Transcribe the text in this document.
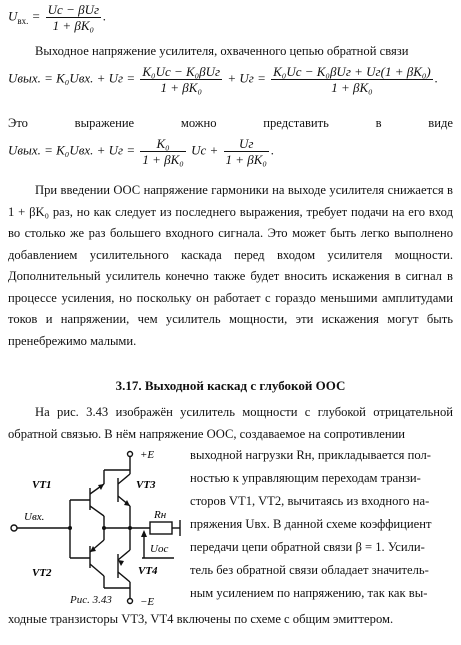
$U_{вх.} = \frac{\text{Uс − βUг}}{\text{1 + βK₀}}$ .
Выходное напряжение усилителя, охваченного цепью обратной связи
Uвых. = K₀Uвх. + Uг = $\frac{\text{K₀Uс − K₀βUг}}{\text{1 + βK₀}}$ + Uг = $\frac{\text{K₀Uс − K₀βUг + Uг(1 + βK₀)}}{\text{1 + βK₀}}$ .
Это	выражение	можно	представить	в	виде
Uвых. = K₀Uвх. + Uг = $\frac{\text{K₀}}{\text{1 + βK₀}}$ Uс + $\frac{Uг}{\text{1 + βK₀}}$ .
При введении ООС напряжение гармоники на выходе усилителя снижается в 1 + βK₀ раз, но как следует из последнего выражения, требует подачи на его вход во столько же раз большего входного сигнала. Это может быть легко выполнено добавлением усилительного каскада перед входом усилителя мощности. Дополнительный усилитель конечно также будет вносить искажения в сигнал в процессе усиления, но поскольку он работает с гораздо меньшими амплитудами токов и напряжении, чем усилитель мощности, эти искажения могут быть пренебрежимо малыми.
3.17. Выходной каскад с глубокой ООС
На рис. 3.43 изображён усилитель мощности с глубокой отрицательной обратной связью. В нём напряжение ООС, создаваемое на сопротивлении
выходной нагрузки Rн, прикладывается пол-
ностью к управляющим переходам транзи-
сторов VT1, VT2, вычитаясь из входного на-
пряжения Uвх. В данной схеме коэффициент
передачи цепи обратной связи β = 1. Усили-
тель без обратной связи обладает значитель-
ным усилением по напряжению, так как вы-
ходные транзисторы VT3, VT4 включены по схеме с общим эмиттером.
VT1
VT2
VT3
VT4
+E
−E
Uвх.	Rн
Uос
Рис. 3.43
